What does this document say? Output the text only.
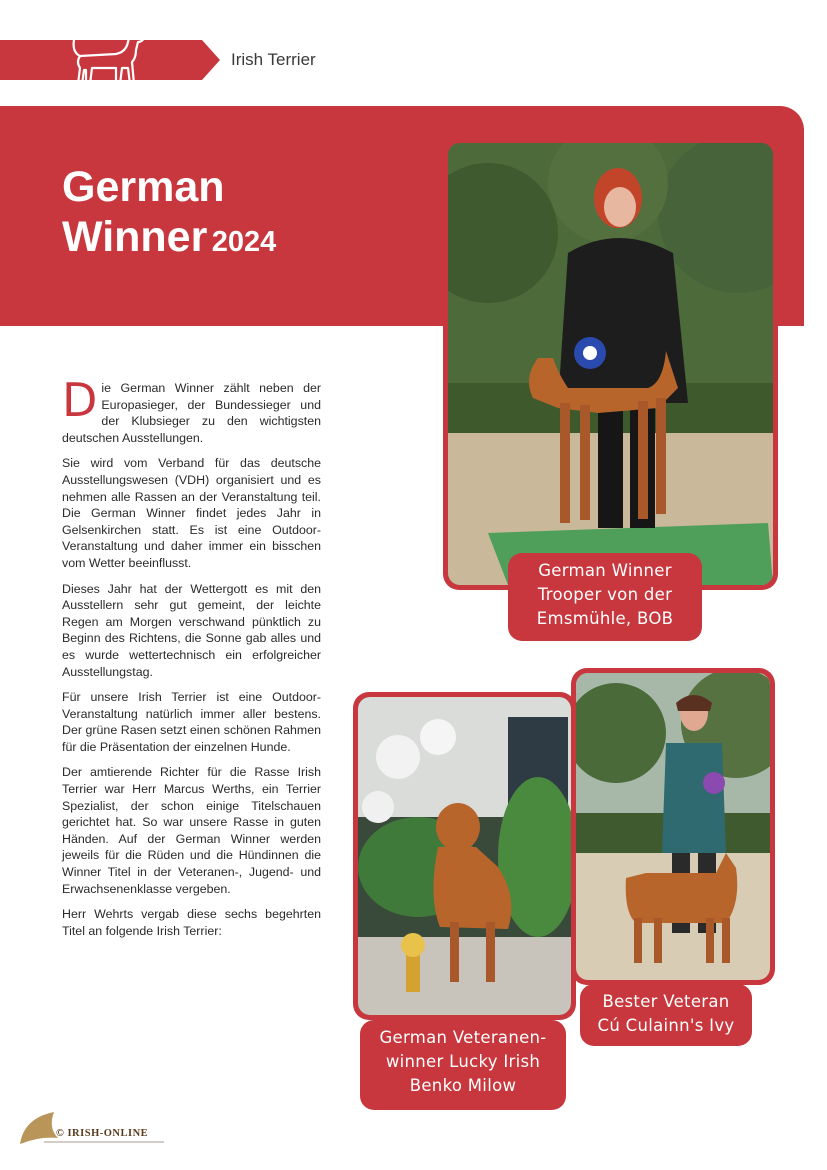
Irish Terrier
German
Winner 2024

Die German Winner zählt neben der Europasieger, der Bundessieger und der Klubsieger zu den wichtigsten deutschen Ausstellungen.

Sie wird vom Verband für das deutsche Ausstellungswesen (VDH) organisiert und es nehmen alle Rassen an der Veranstaltung teil. Die German Winner findet jedes Jahr in Gelsenkirchen statt. Es ist eine Outdoor-Veranstaltung und daher immer ein bisschen vom Wetter beeinflusst.

Dieses Jahr hat der Wettergott es mit den Ausstellern sehr gut gemeint, der leichte Regen am Morgen verschwand pünktlich zu Beginn des Richtens, die Sonne gab alles und es wurde wettertechnisch ein erfolgreicher Ausstellungstag.

Für unsere Irish Terrier ist eine Outdoor-Veranstaltung natürlich immer aller bestens. Der grüne Rasen setzt einen schönen Rahmen für die Präsentation der einzelnen Hunde.

Der amtierende Richter für die Rasse Irish Terrier war Herr Marcus Werths, ein Terrier Spezialist, der schon einige Titelschauen gerichtet hat. So war unsere Rasse in guten Händen. Auf der German Winner werden jeweils für die Rüden und die Hündinnen die Winner Titel in der Veteranen-, Jugend- und Erwachsenenklasse vergeben.

Herr Wehrts vergab diese sechs begehrten Titel an folgende Irish Terrier:

German Winner
Trooper von der
Emsmühle, BOB
German Veteranen-
winner Lucky Irish
Benko Milow
Bester Veteran
Cú Culainn's Ivy
© IRISH-ONLINE
